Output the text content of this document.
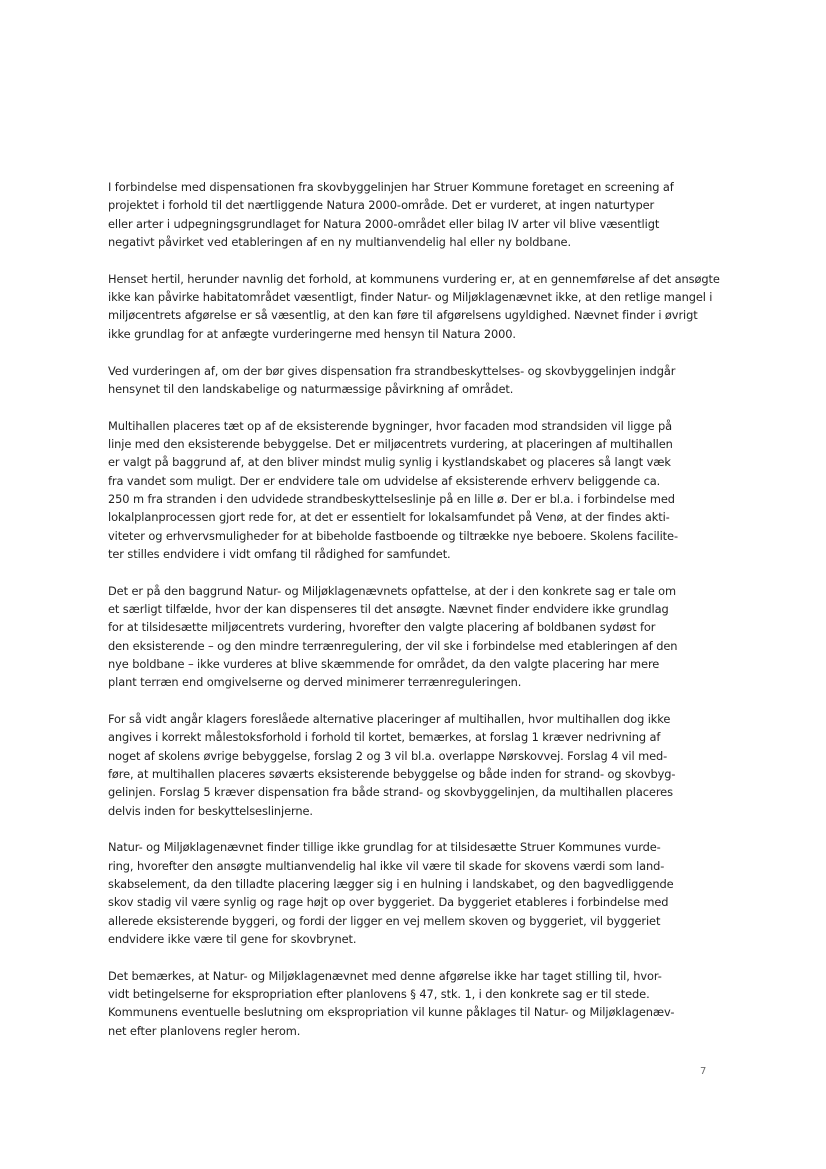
I forbindelse med dispensationen fra skovbyggelinjen har Struer Kommune foretaget en screening af
projektet i forhold til det nærtliggende Natura 2000-område. Det er vurderet, at ingen naturtyper
eller arter i udpegningsgrundlaget for Natura 2000-området eller bilag IV arter vil blive væsentligt
negativt påvirket ved etableringen af en ny multianvendelig hal eller ny boldbane.

Henset hertil, herunder navnlig det forhold, at kommunens vurdering er, at en gennemførelse af det ansøgte
ikke kan påvirke habitatområdet væsentligt, finder Natur- og Miljøklagenævnet ikke, at den retlige mangel i
miljøcentrets afgørelse er så væsentlig, at den kan føre til afgørelsens ugyldighed. Nævnet finder i øvrigt
ikke grundlag for at anfægte vurderingerne med hensyn til Natura 2000.

Ved vurderingen af, om der bør gives dispensation fra strandbeskyttelses- og skovbyggelinjen indgår
hensynet til den landskabelige og naturmæssige påvirkning af området.

Multihallen placeres tæt op af de eksisterende bygninger, hvor facaden mod strandsiden vil ligge på
linje med den eksisterende bebyggelse. Det er miljøcentrets vurdering, at placeringen af multihallen
er valgt på baggrund af, at den bliver mindst mulig synlig i kystlandskabet og placeres så langt væk
fra vandet som muligt. Der er endvidere tale om udvidelse af eksisterende erhverv beliggende ca.
250 m fra stranden i den udvidede strandbeskyttelseslinje på en lille ø. Der er bl.a. i forbindelse med
lokalplanprocessen gjort rede for, at det er essentielt for lokalsamfundet på Venø, at der findes akti-
viteter og erhvervsmuligheder for at bibeholde fastboende og tiltrække nye beboere. Skolens facilite-
ter stilles endvidere i vidt omfang til rådighed for samfundet.

Det er på den baggrund Natur- og Miljøklagenævnets opfattelse, at der i den konkrete sag er tale om
et særligt tilfælde, hvor der kan dispenseres til det ansøgte. Nævnet finder endvidere ikke grundlag
for at tilsidesætte miljøcentrets vurdering, hvorefter den valgte placering af boldbanen sydøst for
den eksisterende – og den mindre terrænregulering, der vil ske i forbindelse med etableringen af den
nye boldbane – ikke vurderes at blive skæmmende for området, da den valgte placering har mere
plant terræn end omgivelserne og derved minimerer terrænreguleringen.

For så vidt angår klagers foreslåede alternative placeringer af multihallen, hvor multihallen dog ikke
angives i korrekt målestoksforhold i forhold til kortet, bemærkes, at forslag 1 kræver nedrivning af
noget af skolens øvrige bebyggelse, forslag 2 og 3 vil bl.a. overlappe Nørskovvej. Forslag 4 vil med-
føre, at multihallen placeres søværts eksisterende bebyggelse og både inden for strand- og skovbyg-
gelinjen. Forslag 5 kræver dispensation fra både strand- og skovbyggelinjen, da multihallen placeres
delvis inden for beskyttelseslinjerne.

Natur- og Miljøklagenævnet finder tillige ikke grundlag for at tilsidesætte Struer Kommunes vurde-
ring, hvorefter den ansøgte multianvendelig hal ikke vil være til skade for skovens værdi som land-
skabselement, da den tilladte placering lægger sig i en hulning i landskabet, og den bagvedliggende
skov stadig vil være synlig og rage højt op over byggeriet. Da byggeriet etableres i forbindelse med
allerede eksisterende byggeri, og fordi der ligger en vej mellem skoven og byggeriet, vil byggeriet
endvidere ikke være til gene for skovbrynet.

Det bemærkes, at Natur- og Miljøklagenævnet med denne afgørelse ikke har taget stilling til, hvor-
vidt betingelserne for ekspropriation efter planlovens § 47, stk. 1, i den konkrete sag er til stede.
Kommunens eventuelle beslutning om ekspropriation vil kunne påklages til Natur- og Miljøklagenæv-
net efter planlovens regler herom.

7
